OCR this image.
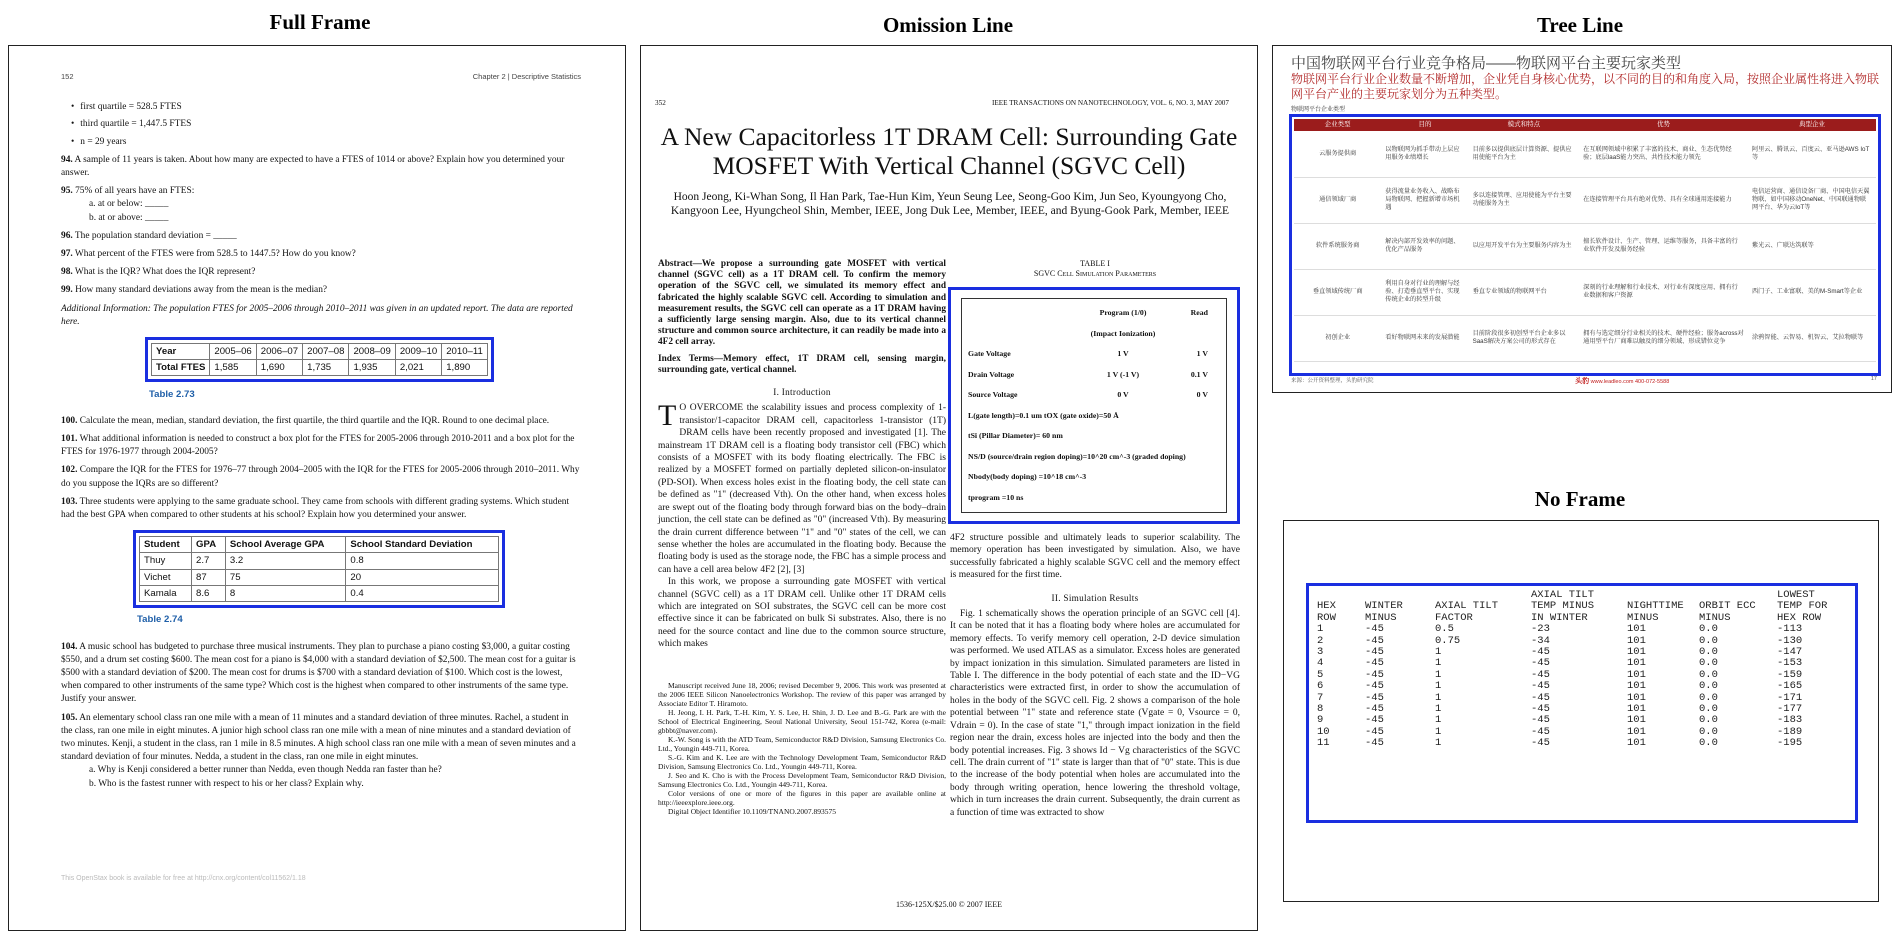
Full Frame	Omission Line	Tree Line
No Frame
152	Chapter 2 | Descriptive Statistics
• first quartile = 528.5 FTES
• third quartile = 1,447.5 FTES
• n = 29 years
94. A sample of 11 years is taken. About how many are expected to have a FTES of 1014 or above? Explain how you determined your answer.
95. 75% of all years have an FTES:
a. at or below: _____
b. at or above: _____
96. The population standard deviation = _____
97. What percent of the FTES were from 528.5 to 1447.5? How do you know?
98. What is the IQR? What does the IQR represent?
99. How many standard deviations away from the mean is the median?
Additional Information: The population FTES for 2005–2006 through 2010–2011 was given in an updated report. The data are reported here.
Year	2005–06	2006–07	2007–08	2008–09	2009–10	2010–11
Total FTES	1,585	1,690	1,735	1,935	2,021	1,890
Table 2.73
100. Calculate the mean, median, standard deviation, the first quartile, the third quartile and the IQR. Round to one decimal place.
101. What additional information is needed to construct a box plot for the FTES for 2005-2006 through 2010-2011 and a box plot for the FTES for 1976-1977 through 2004-2005?
102. Compare the IQR for the FTES for 1976–77 through 2004–2005 with the IQR for the FTES for 2005-2006 through 2010–2011. Why do you suppose the IQRs are so different?
103. Three students were applying to the same graduate school. They came from schools with different grading systems. Which student had the best GPA when compared to other students at his school? Explain how you determined your answer.
Student	GPA	School Average GPA	School Standard Deviation
Thuy	2.7	3.2	0.8
Vichet	87	75	20
Kamala	8.6	8	0.4
Table 2.74
104. A music school has budgeted to purchase three musical instruments. They plan to purchase a piano costing $3,000, a guitar costing $550, and a drum set costing $600. The mean cost for a piano is $4,000 with a standard deviation of $2,500. The mean cost for a guitar is $500 with a standard deviation of $200. The mean cost for drums is $700 with a standard deviation of $100. Which cost is the lowest, when compared to other instruments of the same type? Which cost is the highest when compared to other instruments of the same type. Justify your answer.
105. An elementary school class ran one mile with a mean of 11 minutes and a standard deviation of three minutes. Rachel, a student in the class, ran one mile in eight minutes. A junior high school class ran one mile with a mean of nine minutes and a standard deviation of two minutes. Kenji, a student in the class, ran 1 mile in 8.5 minutes. A high school class ran one mile with a mean of seven minutes and a standard deviation of four minutes. Nedda, a student in the class, ran one mile in eight minutes.
a. Why is Kenji considered a better runner than Nedda, even though Nedda ran faster than he?
b. Who is the fastest runner with respect to his or her class? Explain why.
This OpenStax book is available for free at http://cnx.org/content/col11562/1.18
352	IEEE TRANSACTIONS ON NANOTECHNOLOGY, VOL. 6, NO. 3, MAY 2007
A New Capacitorless 1T DRAM Cell: Surrounding Gate MOSFET With Vertical Channel (SGVC Cell)
Hoon Jeong, Ki-Whan Song, Il Han Park, Tae-Hun Kim, Yeun Seung Lee, Seong-Goo Kim, Jun Seo, Kyoungyong Cho, Kangyoon Lee, Hyungcheol Shin, Member, IEEE, Jong Duk Lee, Member, IEEE, and Byung-Gook Park, Member, IEEE
Abstract—We propose a surrounding gate MOSFET with vertical channel (SGVC cell) as a 1T DRAM cell. To confirm the memory operation of the SGVC cell, we simulated its memory effect and fabricated the highly scalable SGVC cell. According to simulation and measurement results, the SGVC cell can operate as a 1T DRAM having a sufficiently large sensing margin. Also, due to its vertical channel structure and common source architecture, it can readily be made into a 4F2 cell array.
Index Terms—Memory effect, 1T DRAM cell, sensing margin, surrounding gate, vertical channel.
I. Introduction
T O OVERCOME the scalability issues and process complexity of 1-transistor/1-capacitor DRAM cell, capacitorless 1-transistor (1T) DRAM cells have been recently proposed and investigated [1]. The mainstream 1T DRAM cell is a floating body transistor cell (FBC) which consists of a MOSFET with its body floating electrically. The FBC is realized by a MOSFET formed on partially depleted silicon-on-insulator (PD-SOI). When excess holes exist in the floating body, the cell state can be defined as "1" (decreased Vth). On the other hand, when excess holes are swept out of the floating body through forward bias on the body–drain junction, the cell state can be defined as "0" (increased Vth). By measuring the drain current difference between "1" and "0" states of the cell, we can sense whether the holes are accumulated in the floating body. Because the floating body is used as the storage node, the FBC has a simple process and can have a cell area below 4F2 [2], [3]
In this work, we propose a surrounding gate MOSFET with vertical channel (SGVC cell) as a 1T DRAM cell. Unlike other 1T DRAM cells which are integrated on SOI substrates, the SGVC cell can be more cost effective since it can be fabricated on bulk Si substrates. Also, there is no need for the source contact and line due to the common source structure, which makes
Manuscript received June 18, 2006; revised December 9, 2006. This work was presented at the 2006 IEEE Silicon Nanoelectronics Workshop. The review of this paper was arranged by Associate Editor T. Hiramoto.
H. Jeong, I. H. Park, T.-H. Kim, Y. S. Lee, H. Shin, J. D. Lee and B.-G. Park are with the School of Electrical Engineering, Seoul National University, Seoul 151-742, Korea (e-mail: gbbbt@naver.com).
K.-W. Song is with the ATD Team, Semiconductor R&D Division, Samsung Electronics Co. Ltd., Youngin 449-711, Korea.
S.-G. Kim and K. Lee are with the Technology Development Team, Semiconductor R&D Division, Samsung Electronics Co. Ltd., Youngin 449-711, Korea.
J. Seo and K. Cho is with the Process Development Team, Semiconductor R&D Division, Samsung Electronics Co. Ltd., Youngin 449-711, Korea.
Color versions of one or more of the figures in this paper are available online at http://ieeexplore.ieee.org.
Digital Object Identifier 10.1109/TNANO.2007.893575
TABLE I
SGVC Cell Simulation Parameters
Program (1/0)	Read
(Impact Ionization)
Gate Voltage	1 V	1 V
Drain Voltage	1 V (-1 V)	0.1 V
Source Voltage	0 V	0 V
L(gate length)=0.1 um tOX (gate oxide)=50 Å
tSi (Pillar Diameter)= 60 nm
NS/D (source/drain region doping)=10^20 cm^-3 (graded doping)
Nbody(body doping) =10^18 cm^-3
tprogram =10 ns
4F2 structure possible and ultimately leads to superior scalability. The memory operation has been investigated by simulation. Also, we have successfully fabricated a highly scalable SGVC cell and the memory effect is measured for the first time.
II. Simulation Results
Fig. 1 schematically shows the operation principle of an SGVC cell [4]. It can be noted that it has a floating body where holes are accumulated for memory effects. To verify memory cell operation, 2-D device simulation was performed. We used ATLAS as a simulator. Excess holes are generated by impact ionization in this simulation. Simulated parameters are listed in Table I. The difference in the body potential of each state and the ID−VG characteristics were extracted first, in order to show the accumulation of holes in the body of the SGVC cell. Fig. 2 shows a comparison of the hole potential between "1" state and reference state (Vgate = 0, Vsource = 0, Vdrain = 0). In the case of state "1," through impact ionization in the field region near the drain, excess holes are injected into the body and then the body potential increases. Fig. 3 shows Id − Vg characteristics of the SGVC cell. The drain current of "1" state is larger than that of "0" state. This is due to the increase of the body potential when holes are accumulated into the body through writing operation, hence lowering the threshold voltage, which in turn increases the drain current. Subsequently, the drain current as a function of time was extracted to show
1536-125X/$25.00 © 2007 IEEE
中国物联网平台行业竞争格局——物联网平台主要玩家类型
物联网平台行业企业数量不断增加，企业凭自身核心优势，以不同的目的和角度入局，按照企业属性将进入物联网平台产业的主要玩家划分为五种类型。
物联网平台企业类型
企业类型	目的	模式和特点	优势	典型企业
云服务提供商	以物联网为抓手带动上层应用服务业绩增长	目前多以提供底层计算资源、提供应用使能平台为主	在互联网领域中积累了丰富的技术、商业、生态优势经验；底层laaS能力突出、共性技术能力领先	阿里云、腾讯云、百度云、亚马逊AWS IoT等
通信领域厂商	获得流量业务收入、战略布局物联网、把握新增市场机遇	多以连接管理、应用使能为平台主要功能服务为主	在连接管理平台具有绝对优势、具有全球通用连接能力	电信运营商、通信设备厂商、中国电信天翼物联、如中国移动OneNet、中国联通物联网平台、华为云IoT等
软件系统服务商	解决内部开发效率的问题、优化产品服务	以应用开发平台为主要服务内容为主	擅长软件设计、生产、管理、运维等服务，具备丰富的行业软件开发及服务经验	紫光云、广联达筑联等
垂直领域传统厂商	利用自身对行业的理解与经验、打造垂直型平台、实现传统企业的转型升级	垂直专业领域的物联网平台	深刻的行业理解和行业技术、对行业有深度应用、拥有行业数据和客户资源	西门子、工业富联、美的M-Smart等企业
初创企业	看好物联网未来的发展潜能	目前阶段很多初创型平台企业多以SaaS解决方案公司的形式存在	拥有与选定细分行业相关的技术、硬件经验；服务across对通用型平台厂商难以触及的细分领域、形成错位竞争	涂鸦智能、云智易、机智云、艾拉物联等
来源：公开资料整理，头豹研究院	头豹 www.leadleo.com 400-072-5588	17
AXIAL TILT	LOWEST
HEX	WINTER	AXIAL TILT	TEMP MINUS	NIGHTTIME	ORBIT ECC	TEMP FOR
ROW	MINUS	FACTOR	IN WINTER	MINUS	MINUS	HEX ROW
1	-45	0.5	-23	101	0.0	-113
2	-45	0.75	-34	101	0.0	-130
3	-45	1	-45	101	0.0	-147
4	-45	1	-45	101	0.0	-153
5	-45	1	-45	101	0.0	-159
6	-45	1	-45	101	0.0	-165
7	-45	1	-45	101	0.0	-171
8	-45	1	-45	101	0.0	-177
9	-45	1	-45	101	0.0	-183
10	-45	1	-45	101	0.0	-189
11	-45	1	-45	101	0.0	-195
